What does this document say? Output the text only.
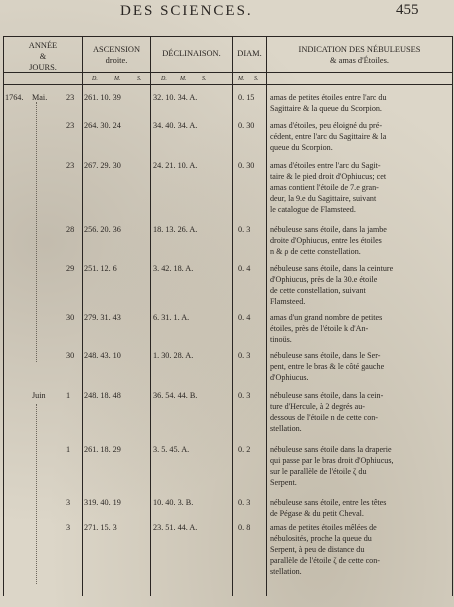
DES SCIENCES.	455
ANNÉE
&
JOURS.
ASCENSION
droite.
DÉCLINAISON.	DIAM.	INDICATION DES NÉBULEUSES
& amas d'Étoiles.
D.	M.	S.	D. M.	S.	M. S.
1764. Mai. 23 261. 10. 39	32. 10. 34. A.	0. 15 amas de petites étoiles entre l'arc du
Sagittaire & la queue du Scorpion.
23 264. 30. 24	34. 40. 34. A.	0. 30 amas d'étoiles, peu éloigné du pré-
cédent, entre l'arc du Sagittaire & la
queue du Scorpion.
23 267. 29. 30	24. 21. 10. A.	0. 30 amas d'étoiles entre l'arc du Sagit-
taire & le pied droit d'Ophiucus; cet
amas contient l'étoile de 7.e gran-
deur, la 9.e du Sagittaire, suivant
le catalogue de Flamsteed.
28 256. 20. 36	18. 13. 26. A.	0. 3 nébuleuse sans étoile, dans la jambe
droite d'Ophiucus, entre les étoiles
n & ρ de cette constellation.
29 251. 12. 6	3. 42. 18. A.	0. 4 nébuleuse sans étoile, dans la ceinture
d'Ophiucus, près de la 30.e étoile
de cette constellation, suivant
Flamsteed.
30 279. 31. 43	6. 31. 1. A.	0. 4 amas d'un grand nombre de petites
étoiles, près de l'étoile k d'An-
tinoüs.
30 248. 43. 10	1. 30. 28. A.	0. 3 nébuleuse sans étoile, dans le Ser-
pent, entre le bras & le côté gauche
d'Ophiucus.
Juin 1 248. 18. 48	36. 54. 44. B.	0. 3 nébuleuse sans étoile, dans la cein-
ture d'Hercule, à 2 degrés au-
dessous de l'étoile n de cette con-
stellation.
1 261. 18. 29	3. 5. 45. A.	0. 2 nébuleuse sans étoile dans la draperie
qui passe par le bras droit d'Ophiucus,
sur le parallèle de l'étoile ζ du
Serpent.
3 319. 40. 19	10. 40. 3. B.	0. 3 nébuleuse sans étoile, entre les têtes
de Pégase & du petit Cheval.
3 271. 15. 3	23. 51. 44. A.	0. 8 amas de petites étoiles mêlées de
nébulosités, proche la queue du
Serpent, à peu de distance du
parallèle de l'étoile ζ de cette con-
stellation.
